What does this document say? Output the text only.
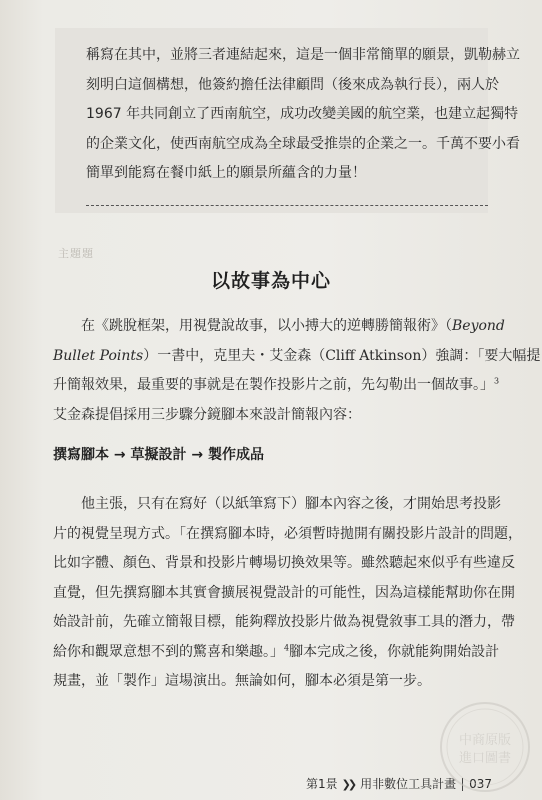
稱寫在其中，並將三者連結起來，這是一個非常簡單的願景，凱勒赫立
刻明白這個構想，他簽約擔任法律顧問（後來成為執行長），兩人於
1967 年共同創立了西南航空，成功改變美國的航空業，也建立起獨特
的企業文化，使西南航空成為全球最受推崇的企業之一。千萬不要小看
簡單到能寫在餐巾紙上的願景所蘊含的力量！
主題題
以故事為中心
在《跳脫框架，用視覺說故事，以小搏大的逆轉勝簡報術》（Beyond
Bullet Points）一書中，克里夫・艾金森（Cliff Atkinson）強調：「要大幅提
升簡報效果，最重要的事就是在製作投影片之前，先勾勒出一個故事。」$^3$
艾金森提倡採用三步驟分鏡腳本來設計簡報內容：
撰寫腳本 → 草擬設計 → 製作成品
他主張，只有在寫好（以紙筆寫下）腳本內容之後，才開始思考投影
片的視覺呈現方式。「在撰寫腳本時，必須暫時拋開有關投影片設計的問題，
比如字體、顏色、背景和投影片轉場切換效果等。雖然聽起來似乎有些違反
直覺，但先撰寫腳本其實會擴展視覺設計的可能性，因為這樣能幫助你在開
始設計前，先確立簡報目標，能夠釋放投影片做為視覺敘事工具的潛力，帶
給你和觀眾意想不到的驚喜和樂趣。」$^4$腳本完成之後，你就能夠開始設計
規畫，並「製作」這場演出。無論如何，腳本必須是第一步。
第1景 ❯❯ 用非數位工具計畫 037
中商原版
進口圖書
